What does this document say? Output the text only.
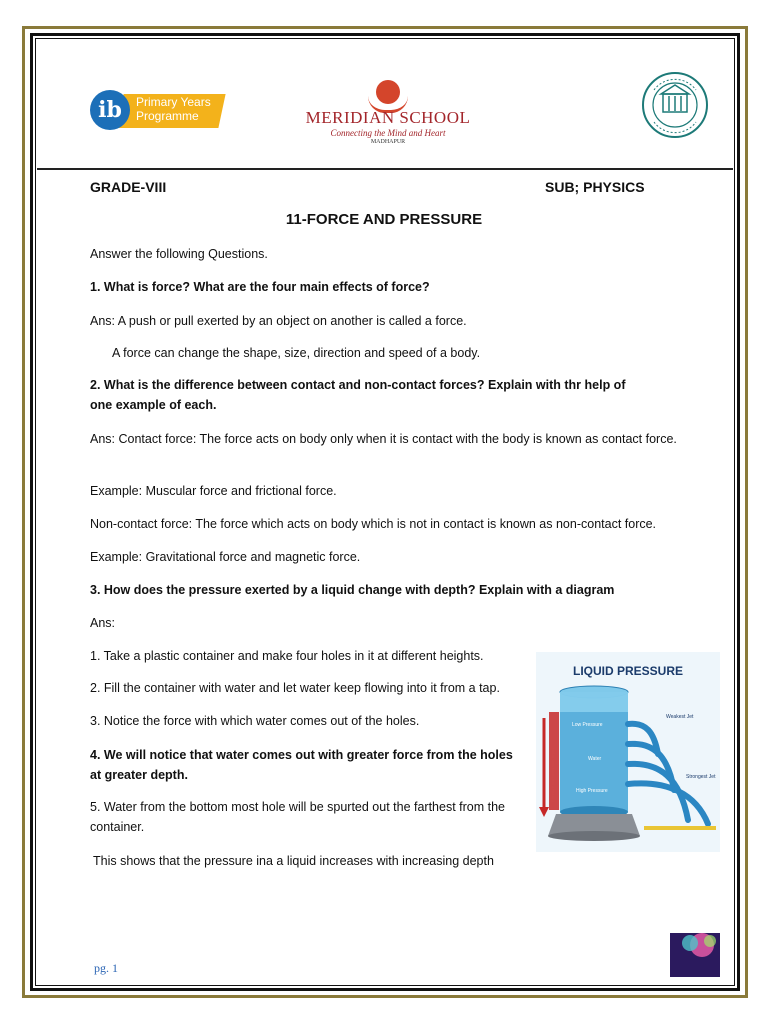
ib	Primary Years Programme	MERIDIAN SCHOOL
Connecting the Mind and Heart
MADHAPUR
GRADE-VIII	SUB; PHYSICS
11-FORCE AND PRESSURE
Answer the following Questions.
1. What is force? What are the four main effects of force?
Ans: A push or pull exerted by an object on another is called a force.
A force can change the shape, size, direction and speed of a body.
2. What is the difference between contact and non-contact forces? Explain with thr help of one example of each.
Ans: Contact force: The force acts on body only when it is contact with the body is known as contact force.
Example: Muscular force and frictional force.
Non-contact force: The force which acts on body which is not in contact is known as non-contact force.
Example: Gravitational force and magnetic force.
3. How does the pressure exerted by a liquid change with depth? Explain with a diagram
Ans:
1. Take a plastic container and make four holes in it at different heights.
2. Fill the container with water and let water keep flowing into it from a tap.
3. Notice the force with which water comes out of the holes.
4. We will notice that water comes out with greater force from the holes at greater depth.
5. Water from the bottom most hole will be spurted out the farthest from the container.
This shows that the pressure ina a liquid increases with increasing depth
LIQUID PRESSURE
Low Pressure
Water
High Pressure
Weakest Jet
Strongest Jet
pg. 1
